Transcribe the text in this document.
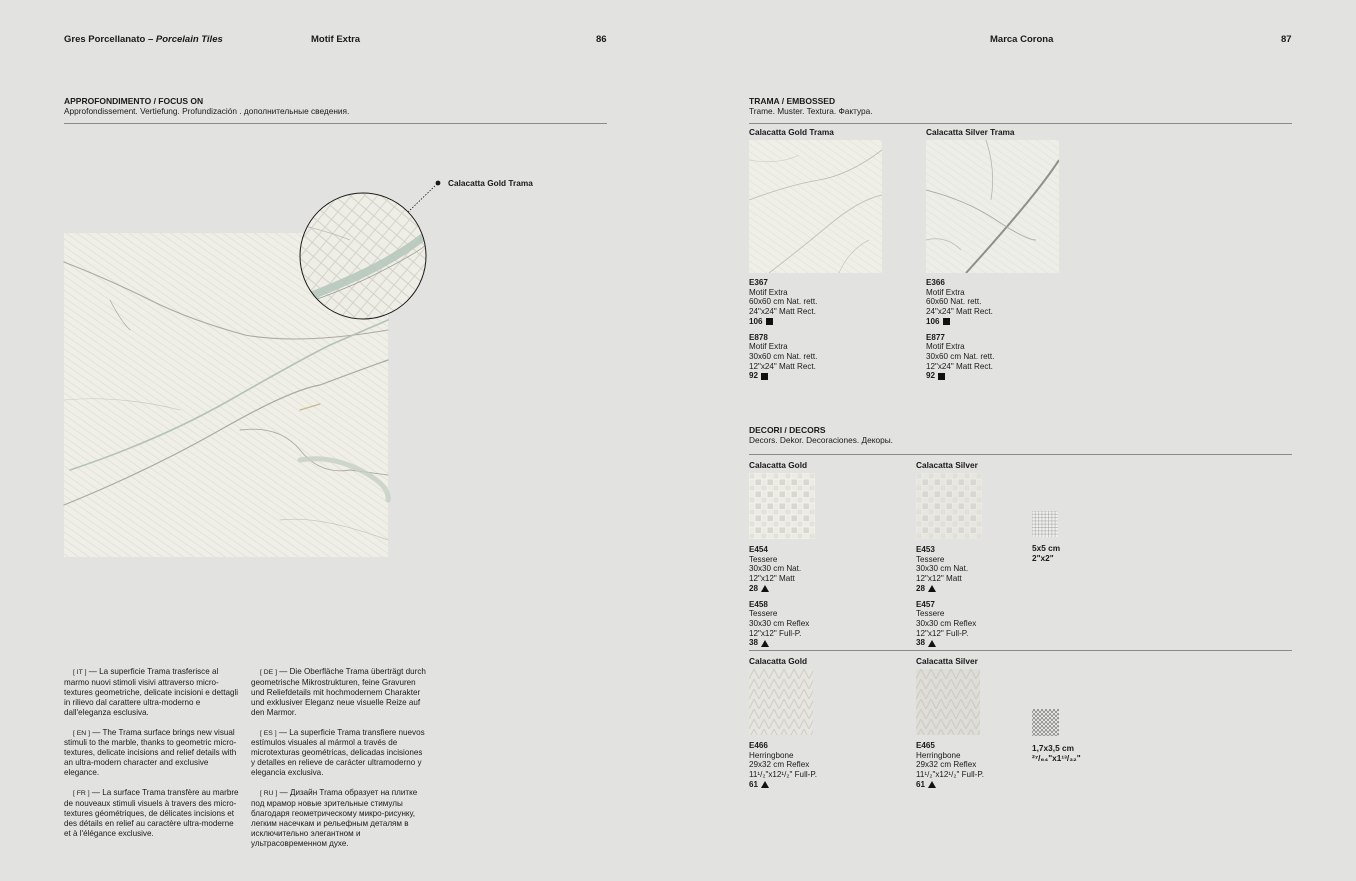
Gres Porcellanato – Porcelain Tiles	Motif Extra	86	Marca Corona	87
APPROFONDIMENTO / FOCUS ON
Approfondissement. Vertiefung. Profundización . дополнительные сведения.
Calacatta Gold Trama

[ IT ] — La superficie Trama trasferisce al marmo nuovi stimoli visivi attraverso micro-textures geometriche, delicate incisioni e dettagli in rilievo dal carattere ultra-moderno e dall'eleganza esclusiva.

[ EN ] — The Trama surface brings new visual stimuli to the marble, thanks to geometric micro-textures, delicate incisions and relief details with an ultra-modern character and exclusive elegance.

[ FR ] — La surface Trama transfère au marbre de nouveaux stimuli visuels à travers des micro-textures géométriques, de délicates incisions et des détails en relief au caractère ultra-moderne et à l'élégance exclusive.

[ DE ] — Die Oberfläche Trama überträgt durch geometrische Mikrostrukturen, feine Gravuren und Reliefdetails mit hochmodernem Charakter und exklusiver Eleganz neue visuelle Reize auf den Marmor.

[ ES ] — La superficie Trama transfiere nuevos estímulos visuales al mármol a través de microtexturas geométricas, delicadas incisiones y detalles en relieve de carácter ultramoderno y elegancia exclusiva.

[ RU ] — Дизайн Trama образует на плитке под мрамор новые зрительные стимулы благодаря геометрическому микро-рисунку, легким насечкам и рельефным деталям в исключительно элегантном и ультрасовременном духе.

TRAMA / EMBOSSED
Trame. Muster. Textura. Фактура.
Calacatta Gold Trama
E367
Motif Extra
60x60 cm Nat. rett.
24"x24" Matt Rect.
106
E878
Motif Extra
30x60 cm Nat. rett.
12"x24" Matt Rect.
92
Calacatta Silver Trama
E366
Motif Extra
60x60 Nat. rett.
24"x24" Matt Rect.
106
E877
Motif Extra
30x60 cm Nat. rett.
12"x24" Matt Rect.
92
DECORI / DECORS
Decors. Dekor. Decoraciones. Декоры.
Calacatta Gold
E454
Tessere
30x30 cm Nat.
12"x12" Matt
28
E458
Tessere
30x30 cm Reflex
12"x12" Full-P.
38
Calacatta Silver
E453
Tessere
30x30 cm Nat.
12"x12" Matt
28
E457
Tessere
30x30 cm Reflex
12"x12" Full-P.
38
5x5 cm
2"x2"
Calacatta Gold
E466
Herringbone
29x32 cm Reflex
11¹/₂"x12¹/₂" Full-P.
61
Calacatta Silver
E465
Herringbone
29x32 cm Reflex
11¹/₂"x12¹/₂" Full-P.
61
1,7x3,5 cm
²⁷/₆₄"x1¹³/₃₂"
